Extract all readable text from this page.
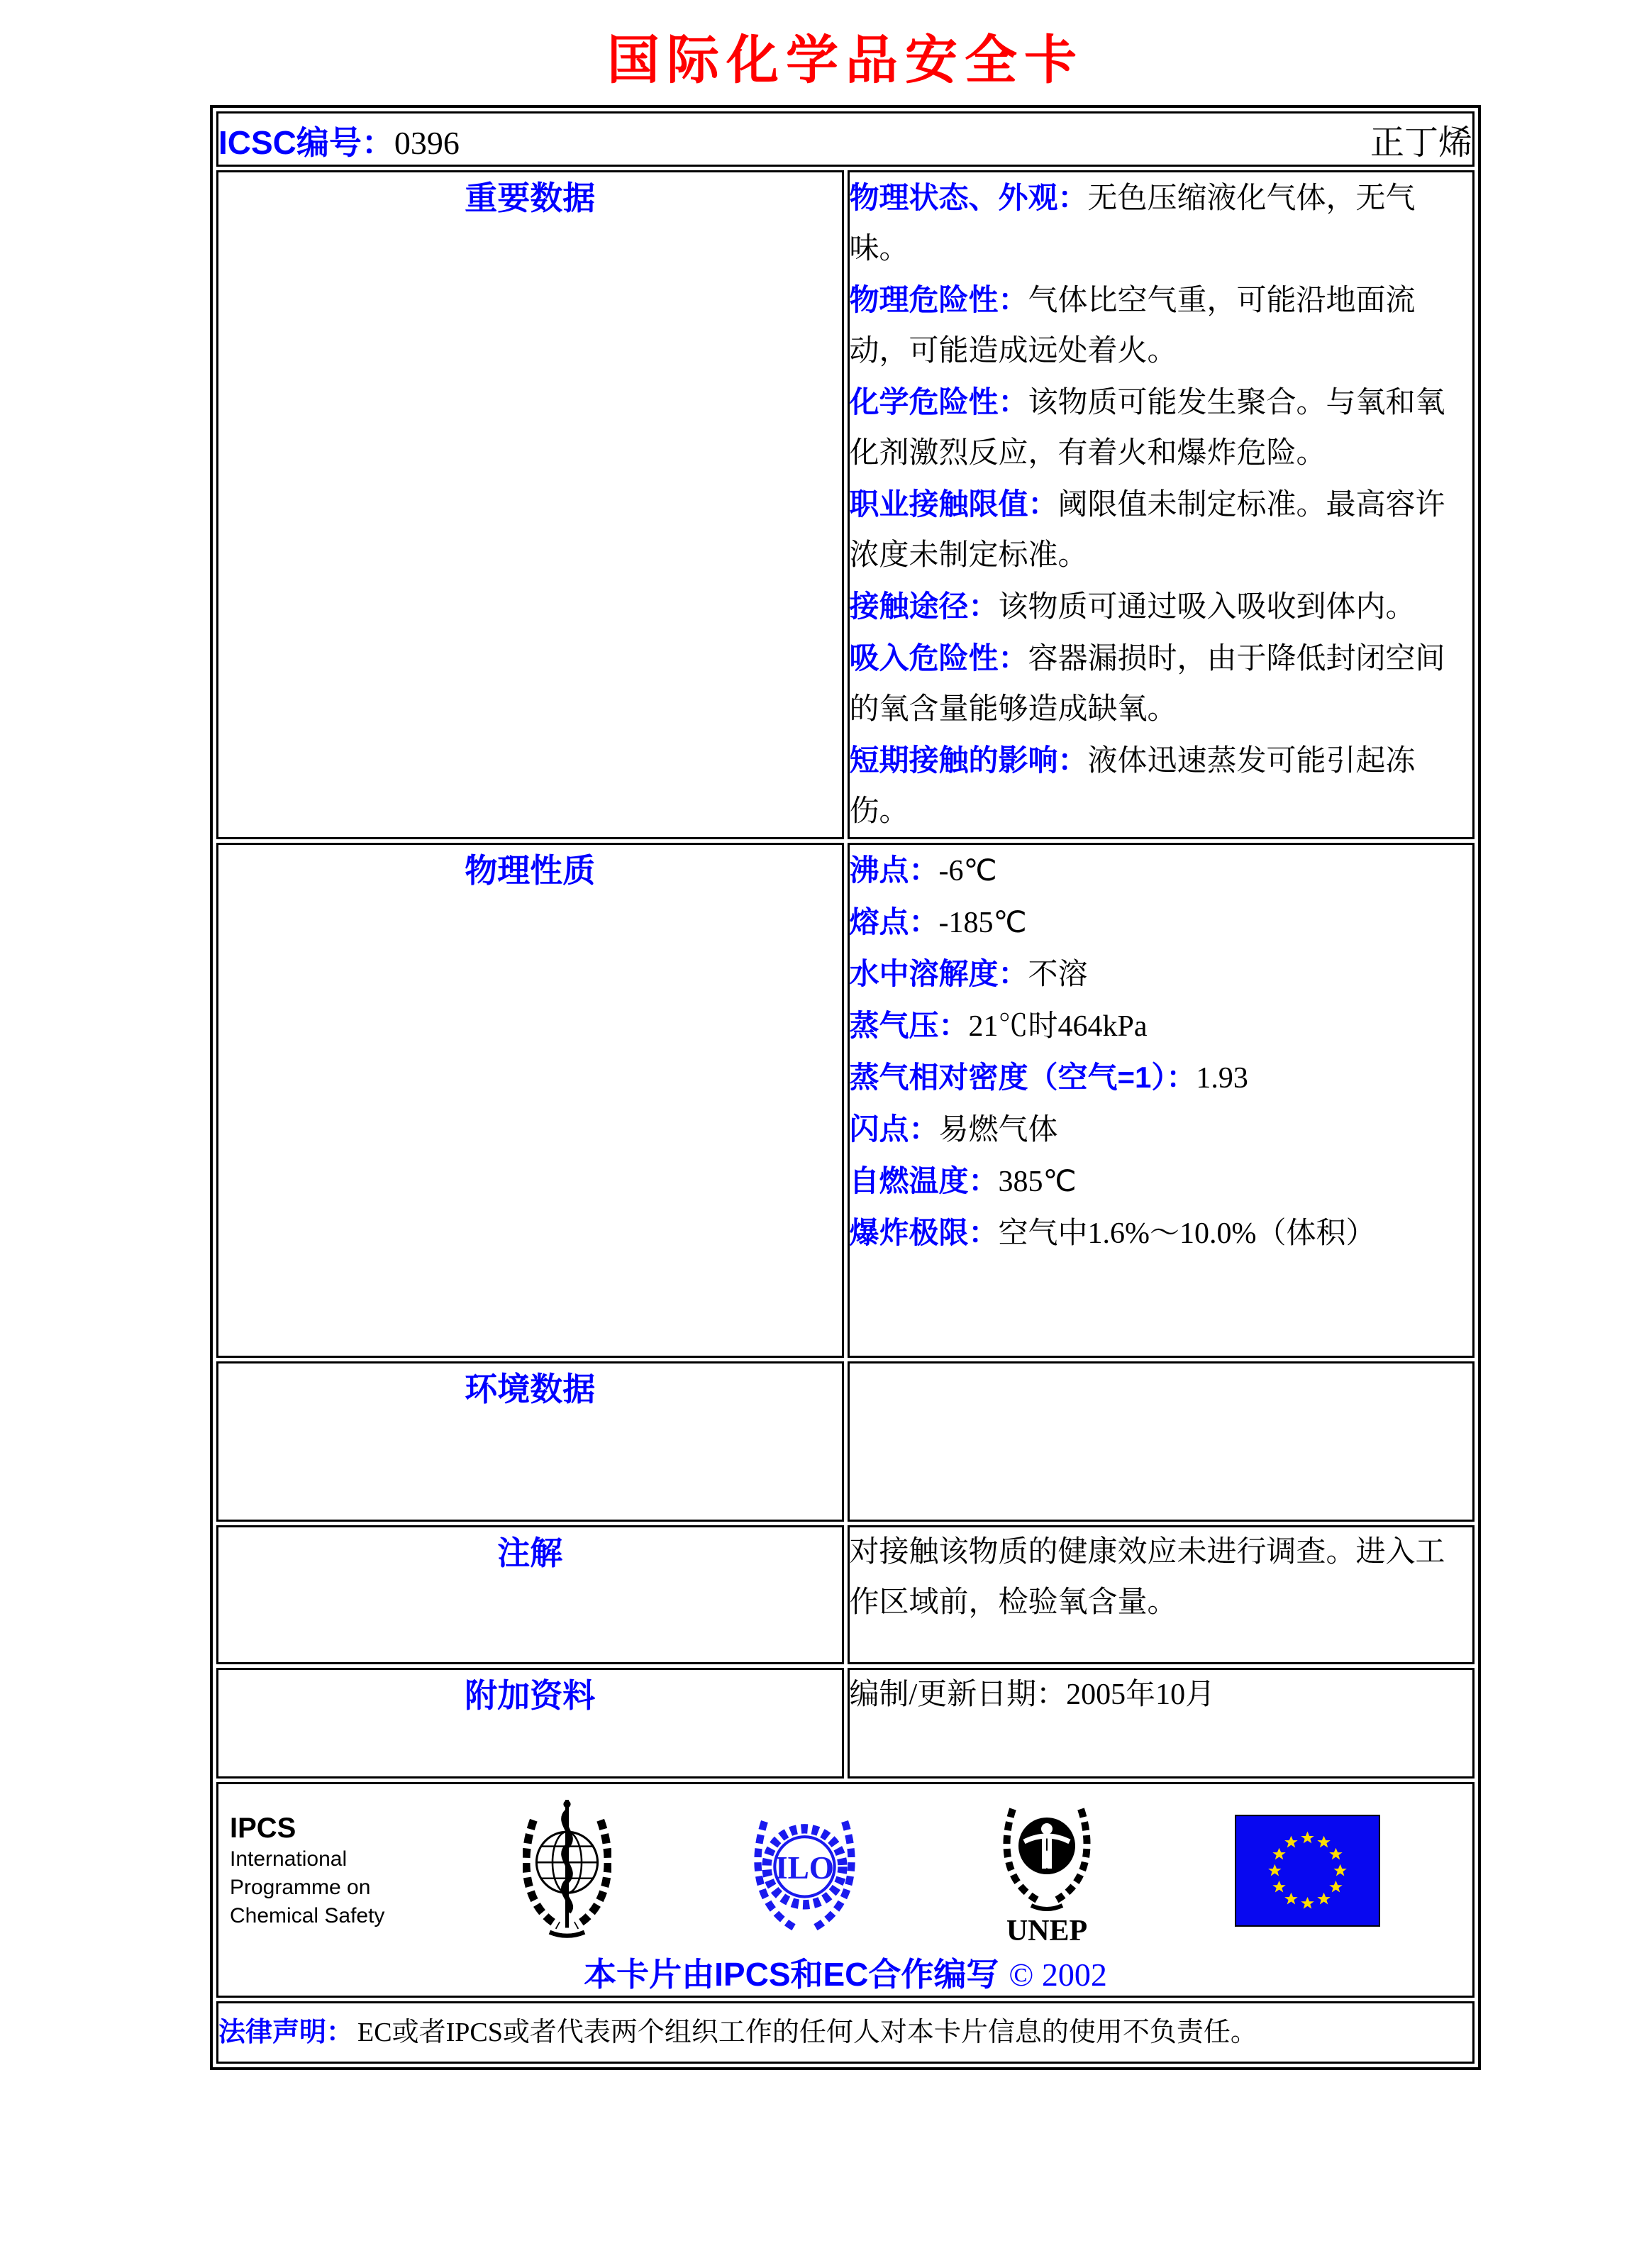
国际化学品安全卡
ICSC编号：0396 正丁烯	

重要数据	物理状态、外观：无色压缩液化气体，无气味。
物理危险性：气体比空气重，可能沿地面流动，可能造成远处着火。
化学危险性：该物质可能发生聚合。与氧和氧化剂激烈反应，有着火和爆炸危险。
职业接触限值：阈限值未制定标准。最高容许浓度未制定标准。
接触途径：该物质可通过吸入吸收到体内。
吸入危险性：容器漏损时，由于降低封闭空间的氧含量能够造成缺氧。
短期接触的影响：液体迅速蒸发可能引起冻伤。

物理性质	沸点：-6℃
熔点：-185℃
水中溶解度：不溶
蒸气压：21℃时464kPa
蒸气相对密度（空气=1）：1.93
闪点：易燃气体
自燃温度：385℃
爆炸极限：空气中1.6%～10.0%（体积）

环境数据	
注解	对接触该物质的健康效应未进行调查。进入工作区域前，检验氧含量。

附加资料	编制/更新日期：2005年10月

IPCS
International
Programme on
Chemical Safety
ILO
UNEP
本卡片由IPCS和EC合作编写 © 2002

法律声明： EC或者IPCS或者代表两个组织工作的任何人对本卡片信息的使用不负责任。	
